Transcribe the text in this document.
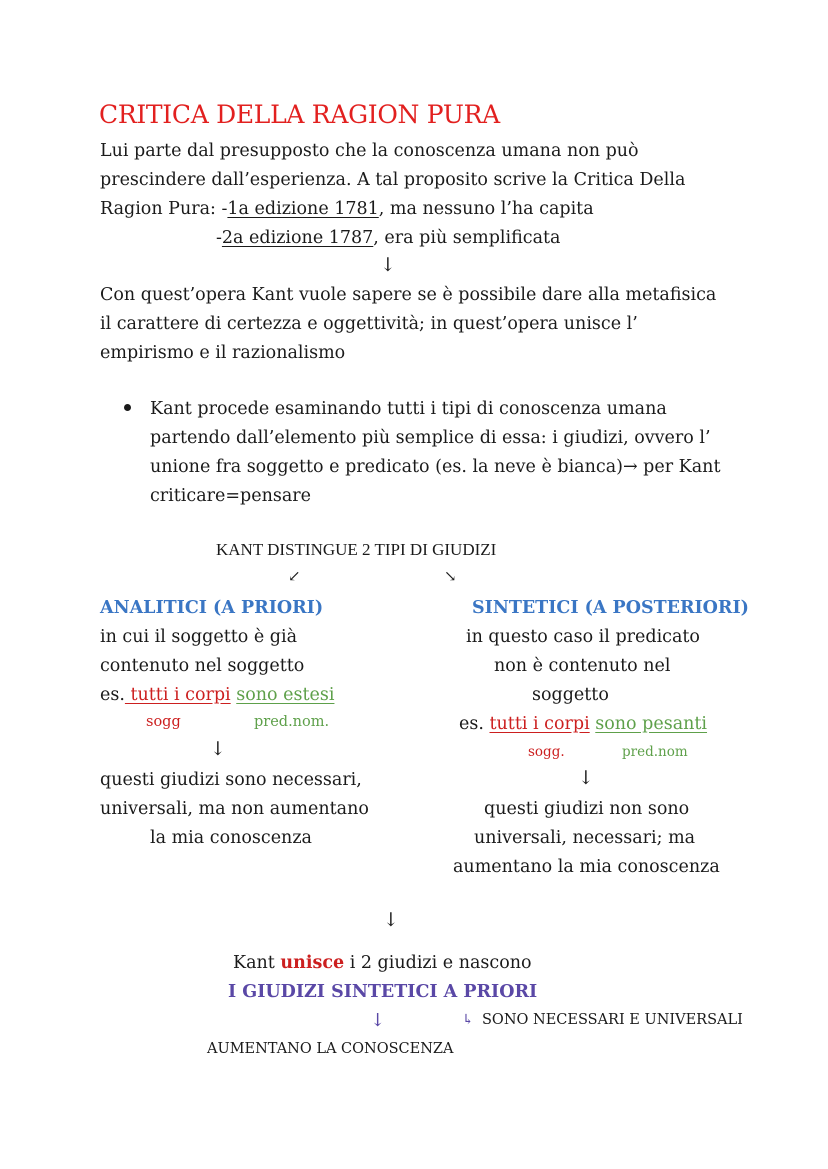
CRITICA DELLA RAGION PURA
Lui parte dal presupposto che la conoscenza umana non può
prescindere dall’esperienza. A tal proposito scrive la Critica Della
Ragion Pura: -1a edizione 1781, ma nessuno l’ha capita
-2a edizione 1787, era più semplificata
↓
Con quest’opera Kant vuole sapere se è possibile dare alla metafisica
il carattere di certezza e oggettività; in quest’opera unisce l’
empirismo e il razionalismo
Kant procede esaminando tutti i tipi di conoscenza umana
partendo dall’elemento più semplice di essa: i giudizi, ovvero l’
unione fra soggetto e predicato (es. la neve è bianca)→ per Kant
criticare=pensare
KANT DISTINGUE 2 TIPI DI GIUDIZI
↙	↘
ANALITICI (A PRIORI)
in cui il soggetto è già
contenuto nel soggetto
es. tutti i corpi sono estesi
sogg	pred.nom.
↓
questi giudizi sono necessari,
universali, ma non aumentano
la mia conoscenza
SINTETICI (A POSTERIORI)
in questo caso il predicato
non è contenuto nel
soggetto
es. tutti i corpi sono pesanti
sogg.	pred.nom
↓
questi giudizi non sono
universali, necessari; ma
aumentano la mia conoscenza
↓
Kant unisce i 2 giudizi e nascono
I GIUDIZI SINTETICI A PRIORI
↓	↳ SONO NECESSARI E UNIVERSALI
AUMENTANO LA CONOSCENZA
